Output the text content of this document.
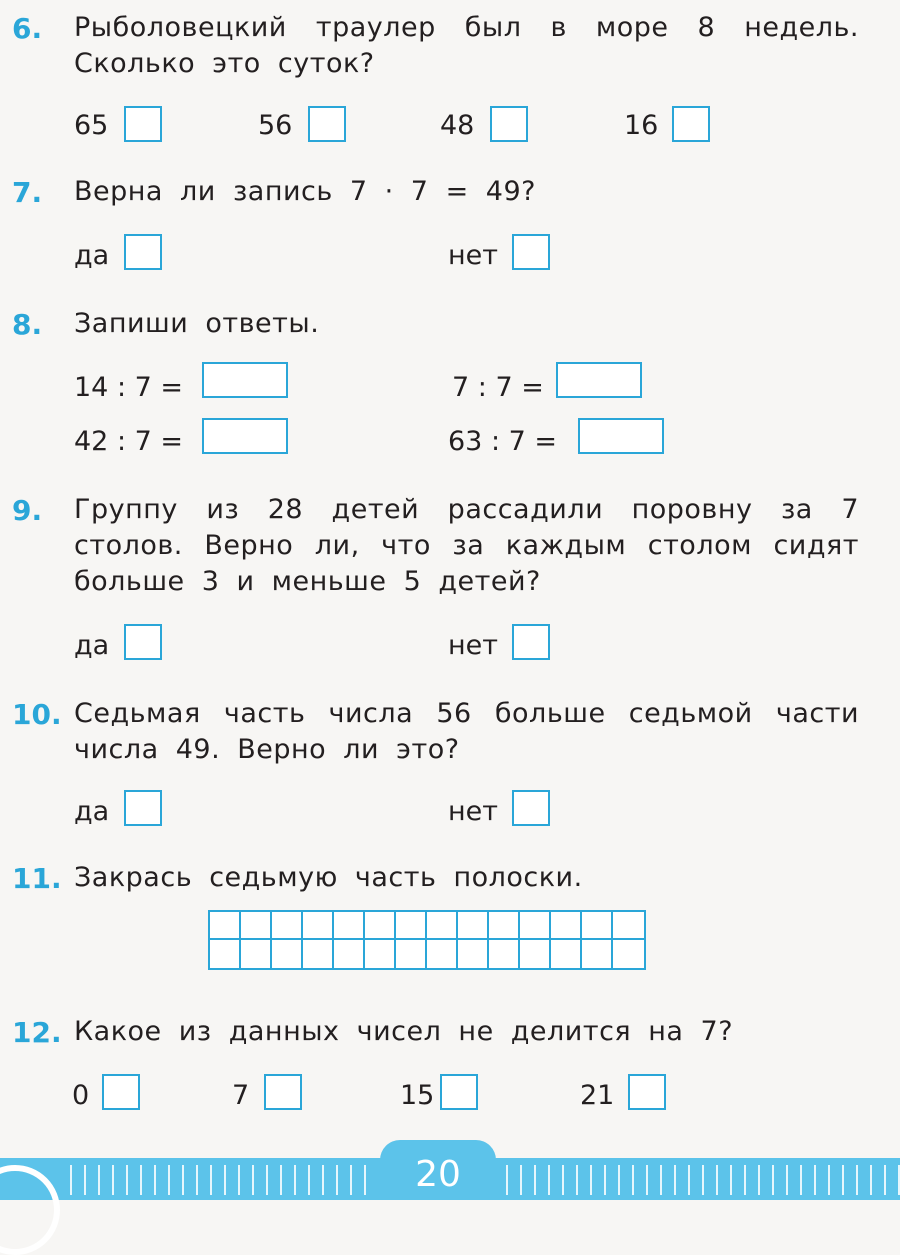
6. Рыболовецкий траулер был в море 8 недель. Сколько это суток?
65	56	48	16
7. Верна ли запись 7 · 7 = 49?
да	нет
8. Запиши ответы.
14 : 7 =	7 : 7 =
42 : 7 =	63 : 7 =
9. Группу из 28 детей рассадили поровну за 7 столов. Верно ли, что за каждым столом сидят больше 3 и меньше 5 детей?
да	нет
10. Седьмая часть числа 56 больше седьмой части числа 49. Верно ли это?
да	нет
11. Закрась седьмую часть полоски.
12. Какое из данных чисел не делится на 7?
0	7	15	21
20
